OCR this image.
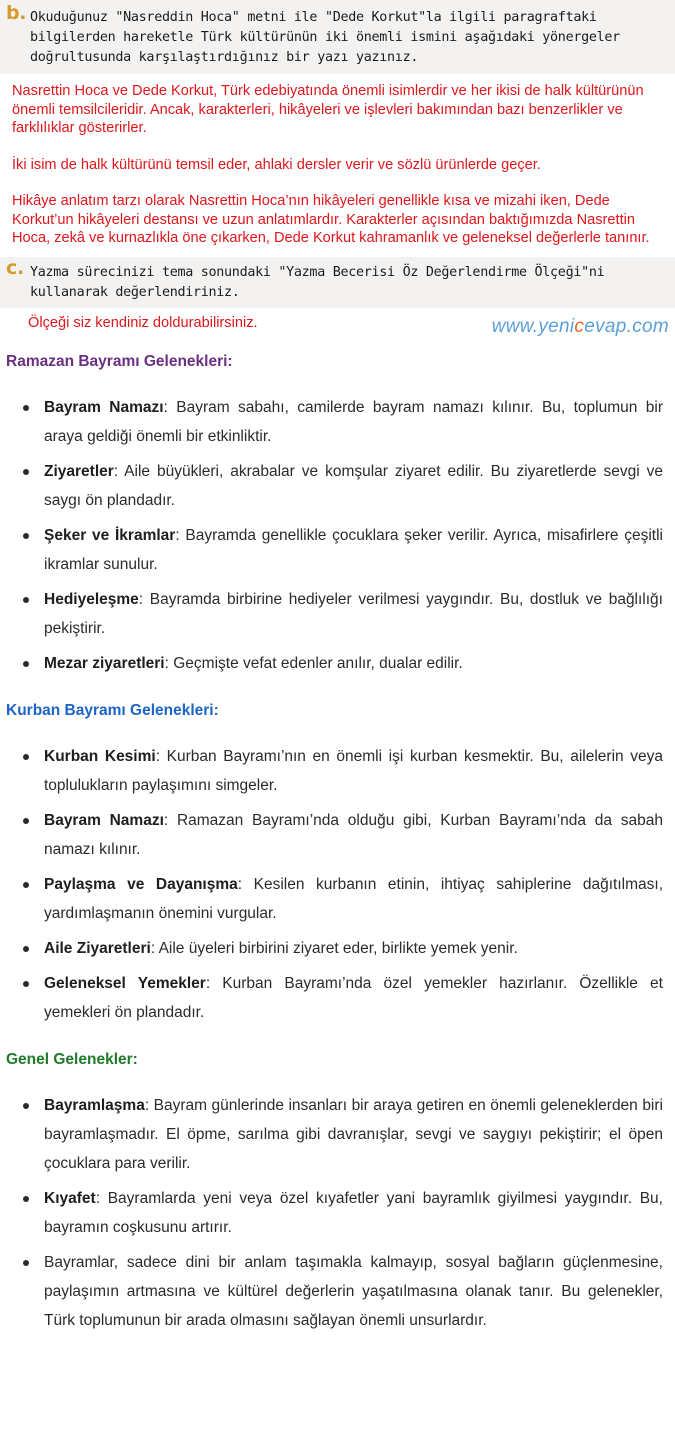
b. Okuduğunuz "Nasreddin Hoca" metni ile "Dede Korkut"la ilgili paragraftaki bilgilerden hareketle Türk kültürünün iki önemli ismini aşağıdaki yönergeler doğrultusunda karşılaştırdığınız bir yazı yazınız.

Nasrettin Hoca ve Dede Korkut, Türk edebiyatında önemli isimlerdir ve her ikisi de halk kültürünün önemli temsilcileridir. Ancak, karakterleri, hikâyeleri ve işlevleri bakımından bazı benzerlikler ve farklılıklar gösterirler.

İki isim de halk kültürünü temsil eder, ahlaki dersler verir ve sözlü ürünlerde geçer.

Hikâye anlatım tarzı olarak Nasrettin Hoca’nın hikâyeleri genellikle kısa ve mizahi iken, Dede Korkut’un hikâyeleri destansı ve uzun anlatımlardır. Karakterler açısından baktığımızda Nasrettin Hoca, zekâ ve kurnazlıkla öne çıkarken, Dede Korkut kahramanlık ve geleneksel değerlerle tanınır.

c. Yazma sürecinizi tema sonundaki "Yazma Becerisi Öz Değerlendirme Ölçeği"ni kullanarak değerlendiriniz.
Ölçeği siz kendiniz doldurabilirsiniz.	www.yenicevap.com
Ramazan Bayramı Gelenekleri:
Bayram Namazı: Bayram sabahı, camilerde bayram namazı kılınır. Bu, toplumun bir araya geldiği önemli bir etkinliktir.
Ziyaretler: Aile büyükleri, akrabalar ve komşular ziyaret edilir. Bu ziyaretlerde sevgi ve saygı ön plandadır.
Şeker ve İkramlar: Bayramda genellikle çocuklara şeker verilir. Ayrıca, misafirlere çeşitli ikramlar sunulur.
Hediyeleşme: Bayramda birbirine hediyeler verilmesi yaygındır. Bu, dostluk ve bağlılığı pekiştirir.
Mezar ziyaretleri: Geçmişte vefat edenler anılır, dualar edilir.
Kurban Bayramı Gelenekleri:
Kurban Kesimi: Kurban Bayramı’nın en önemli işi kurban kesmektir. Bu, ailelerin veya toplulukların paylaşımını simgeler.
Bayram Namazı: Ramazan Bayramı’nda olduğu gibi, Kurban Bayramı’nda da sabah namazı kılınır.
Paylaşma ve Dayanışma: Kesilen kurbanın etinin, ihtiyaç sahiplerine dağıtılması, yardımlaşmanın önemini vurgular.
Aile Ziyaretleri: Aile üyeleri birbirini ziyaret eder, birlikte yemek yenir.
Geleneksel Yemekler: Kurban Bayramı’nda özel yemekler hazırlanır. Özellikle et yemekleri ön plandadır.
Genel Gelenekler:
Bayramlaşma: Bayram günlerinde insanları bir araya getiren en önemli geleneklerden biri bayramlaşmadır. El öpme, sarılma gibi davranışlar, sevgi ve saygıyı pekiştirir; el öpen çocuklara para verilir.
Kıyafet: Bayramlarda yeni veya özel kıyafetler yani bayramlık giyilmesi yaygındır. Bu, bayramın coşkusunu artırır.
Bayramlar, sadece dini bir anlam taşımakla kalmayıp, sosyal bağların güçlenmesine, paylaşımın artmasına ve kültürel değerlerin yaşatılmasına olanak tanır. Bu gelenekler, Türk toplumunun bir arada olmasını sağlayan önemli unsurlardır.
